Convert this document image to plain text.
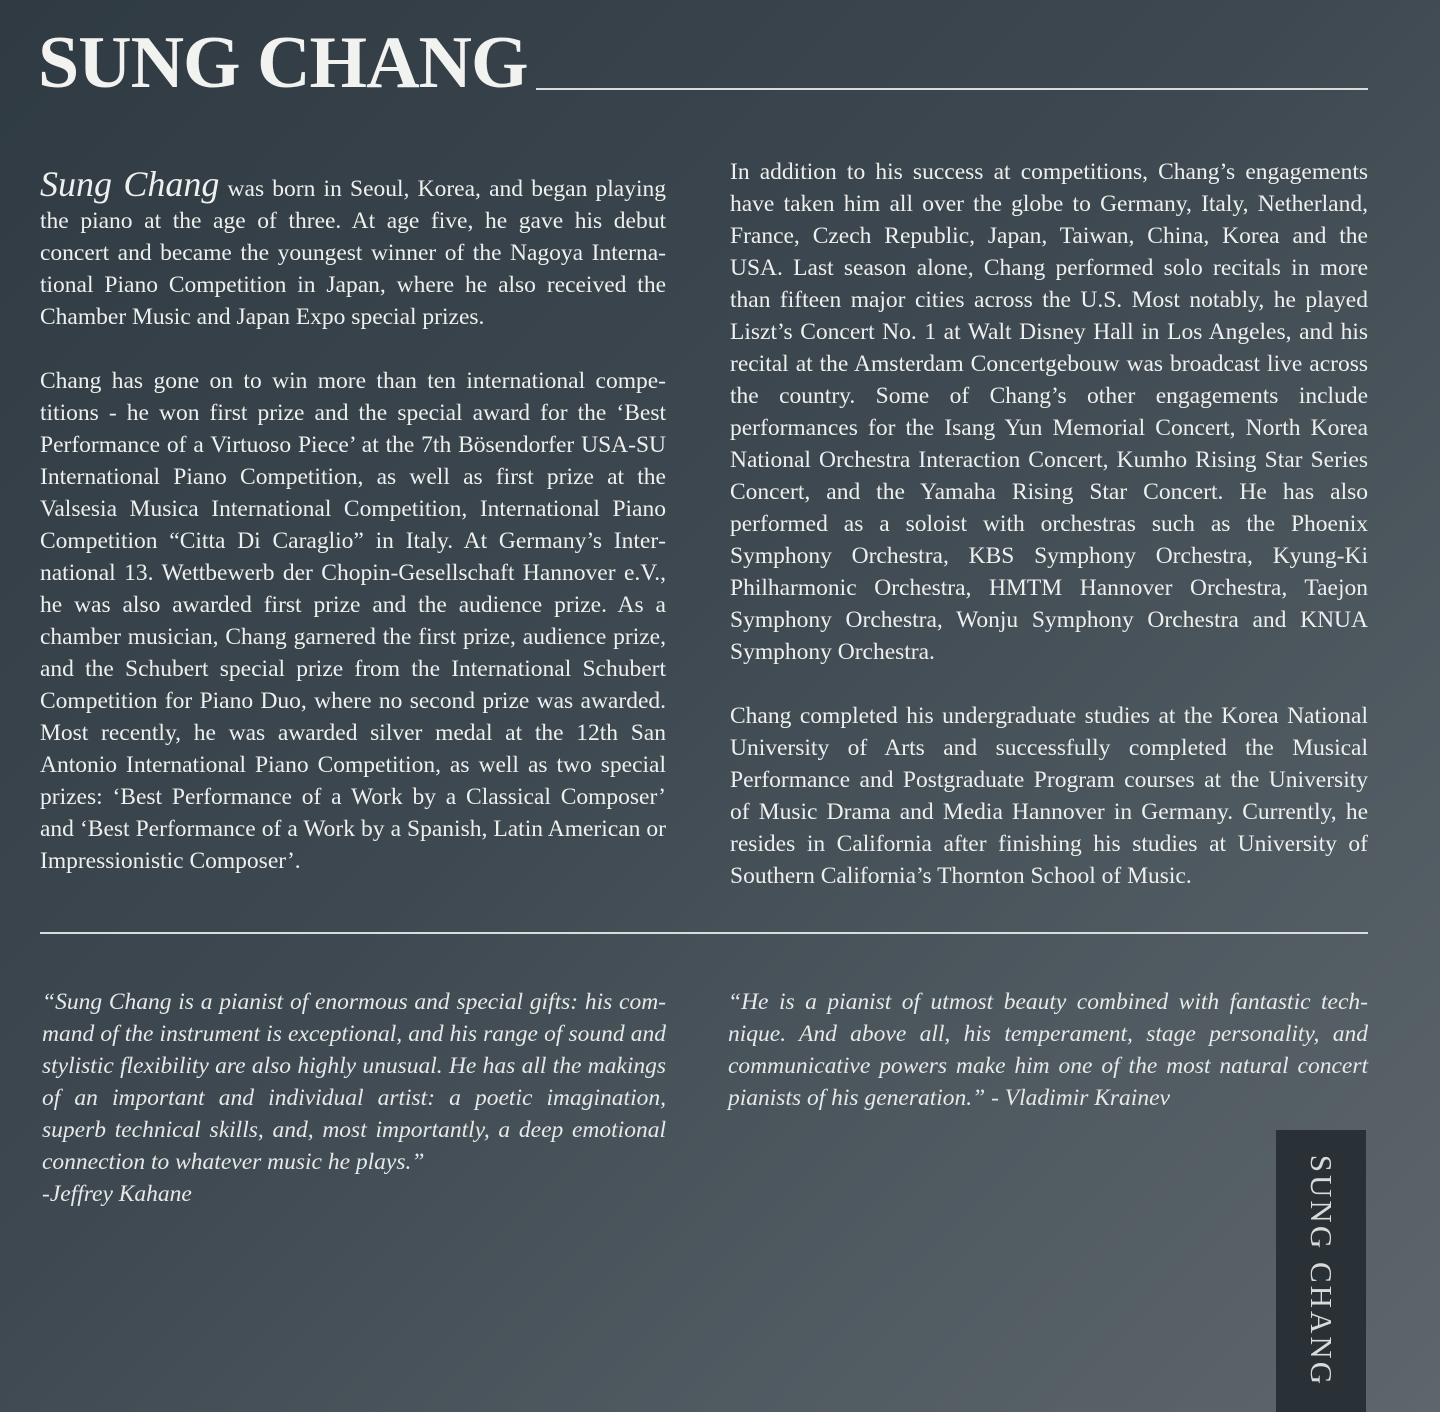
SUNG CHANG

Sung Chang was born in Seoul, Korea, and began playing the piano at the age of three. At age five, he gave his debut concert and became the youngest winner of the Nagoya International Piano Competition in Japan, where he also received the Chamber Music and Japan Expo special prizes.

Chang has gone on to win more than ten international competitions - he won first prize and the special award for the ‘Best Performance of a Virtuoso Piece’ at the 7th Bösendorfer USA-SU International Piano Competition, as well as first prize at the Valsesia Musica International Competition, International Piano Competition “Citta Di Caraglio” in Italy. At Germany’s International 13. Wettbewerb der Chopin-Gesellschaft Hannover e.V., he was also awarded first prize and the audience prize. As a chamber musician, Chang garnered the first prize, audience prize, and the Schubert special prize from the International Schubert Competition for Piano Duo, where no second prize was awarded. Most recently, he was awarded silver medal at the 12th San Antonio International Piano Competition, as well as two special prizes: ‘Best Performance of a Work by a Classical Composer’ and ‘Best Performance of a Work by a Spanish, Latin American or Impressionistic Composer’.

In addition to his success at competitions, Chang’s engagements have taken him all over the globe to Germany, Italy, Netherland, France, Czech Republic, Japan, Taiwan, China, Korea and the USA. Last season alone, Chang performed solo recitals in more than fifteen major cities across the U.S. Most notably, he played Liszt’s Concert No. 1 at Walt Disney Hall in Los Angeles, and his recital at the Amsterdam Concertgebouw was broadcast live across the country. Some of Chang’s other engagements include performances for the Isang Yun Memorial Concert, North Korea National Orchestra Interaction Concert, Kumho Rising Star Series Concert, and the Yamaha Rising Star Concert. He has also performed as a soloist with orchestras such as the Phoenix Symphony Orchestra, KBS Symphony Orchestra, Kyung-Ki Philharmonic Orchestra, HMTM Hannover Orchestra, Taejon Symphony Orchestra, Wonju Symphony Orchestra and KNUA Symphony Orchestra.

Chang completed his undergraduate studies at the Korea National University of Arts and successfully completed the Musical Performance and Postgraduate Program courses at the University of Music Drama and Media Hannover in Germany. Currently, he resides in California after finishing his studies at University of Southern California’s Thornton School of Music.

“Sung Chang is a pianist of enormous and special gifts: his command of the instrument is exceptional, and his range of sound and stylistic flexibility are also highly unusual. He has all the makings of an important and individual artist: a poetic imagination, superb technical skills, and, most importantly, a deep emotional connection to whatever music he plays.”
-Jeffrey Kahane
“He is a pianist of utmost beauty combined with fantastic technique. And above all, his temperament, stage personality, and communicative powers make him one of the most natural concert pianists of his generation.” - Vladimir Krainev
SUNG CHANG
